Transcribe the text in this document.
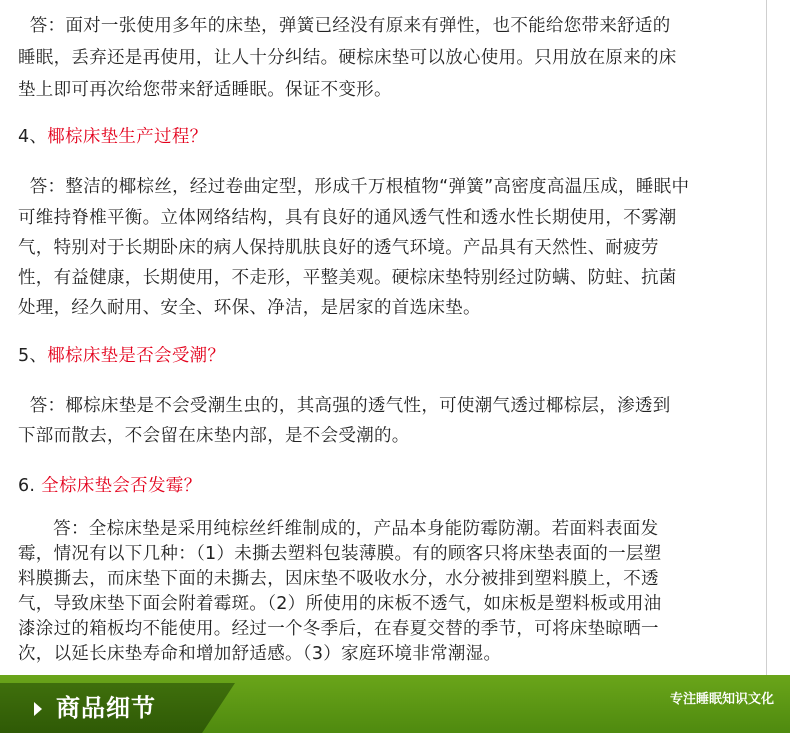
答：面对一张使用多年的床垫，弹簧已经没有原来有弹性，也不能给您带来舒适的
睡眠，丢弃还是再使用，让人十分纠结。硬棕床垫可以放心使用。只用放在原来的床
垫上即可再次给您带来舒适睡眠。保证不变形。
4、椰棕床垫生产过程？
答：整洁的椰棕丝，经过卷曲定型，形成千万根植物“弹簧”高密度高温压成，睡眠中
可维持脊椎平衡。立体网络结构，具有良好的通风透气性和透水性长期使用，不雾潮
气，特别对于长期卧床的病人保持肌肤良好的透气环境。产品具有天然性、耐疲劳
性，有益健康，长期使用，不走形，平整美观。硬棕床垫特别经过防螨、防蛀、抗菌
处理，经久耐用、安全、环保、净洁，是居家的首选床垫。
5、椰棕床垫是否会受潮？
答：椰棕床垫是不会受潮生虫的，其高强的透气性，可使潮气透过椰棕层，渗透到
下部而散去，不会留在床垫内部，是不会受潮的。
6. 全棕床垫会否发霉？
答：全棕床垫是采用纯棕丝纤维制成的，产品本身能防霉防潮。若面料表面发
霉，情况有以下几种：（1）未撕去塑料包装薄膜。有的顾客只将床垫表面的一层塑
料膜撕去，而床垫下面的未撕去，因床垫不吸收水分，水分被排到塑料膜上，不透
气，导致床垫下面会附着霉斑。（2）所使用的床板不透气，如床板是塑料板或用油
漆涂过的箱板均不能使用。经过一个冬季后，在春夏交替的季节，可将床垫晾晒一
次，以延长床垫寿命和增加舒适感。（3）家庭环境非常潮湿。
商品细节	专注睡眠知识文化
